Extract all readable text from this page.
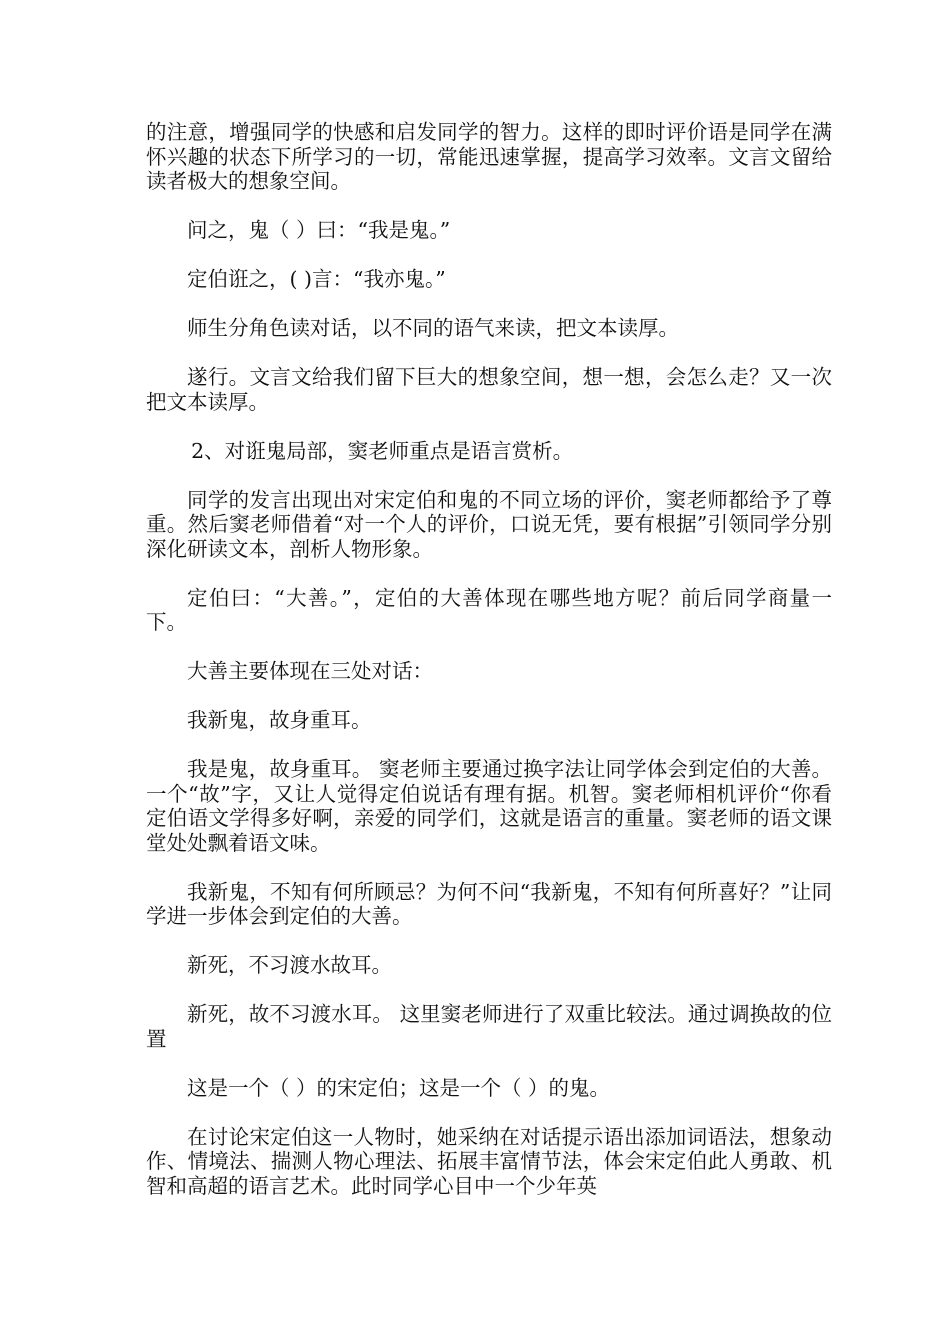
的注意，增强同学的快感和启发同学的智力。这样的即时评价语是同学在满怀兴趣的状态下所学习的一切，常能迅速掌握，提高学习效率。文言文留给读者极大的想象空间。

问之，鬼（ ）曰：“我是鬼。”

定伯诳之，( )言：“我亦鬼。”

师生分角色读对话，以不同的语气来读，把文本读厚。

遂行。文言文给我们留下巨大的想象空间，想一想，会怎么走？又一次把文本读厚。

2、对诳鬼局部，窦老师重点是语言赏析。

同学的发言出现出对宋定伯和鬼的不同立场的评价，窦老师都给予了尊重。然后窦老师借着“对一个人的评价，口说无凭，要有根据”引领同学分别深化研读文本，剖析人物形象。

定伯曰：“大善。”，定伯的大善体现在哪些地方呢？前后同学商量一下。

大善主要体现在三处对话：

我新鬼，故身重耳。

我是鬼，故身重耳。 窦老师主要通过换字法让同学体会到定伯的大善。一个“故”字，又让人觉得定伯说话有理有据。机智。窦老师相机评价“你看定伯语文学得多好啊，亲爱的同学们，这就是语言的重量。窦老师的语文课堂处处飘着语文味。

我新鬼，不知有何所顾忌？为何不问“我新鬼，不知有何所喜好？”让同学进一步体会到定伯的大善。

新死，不习渡水故耳。

新死，故不习渡水耳。 这里窦老师进行了双重比较法。通过调换故的位置

这是一个（ ）的宋定伯；这是一个（ ）的鬼。

在讨论宋定伯这一人物时，她采纳在对话提示语出添加词语法，想象动作、情境法、揣测人物心理法、拓展丰富情节法，体会宋定伯此人勇敢、机智和高超的语言艺术。此时同学心目中一个少年英
